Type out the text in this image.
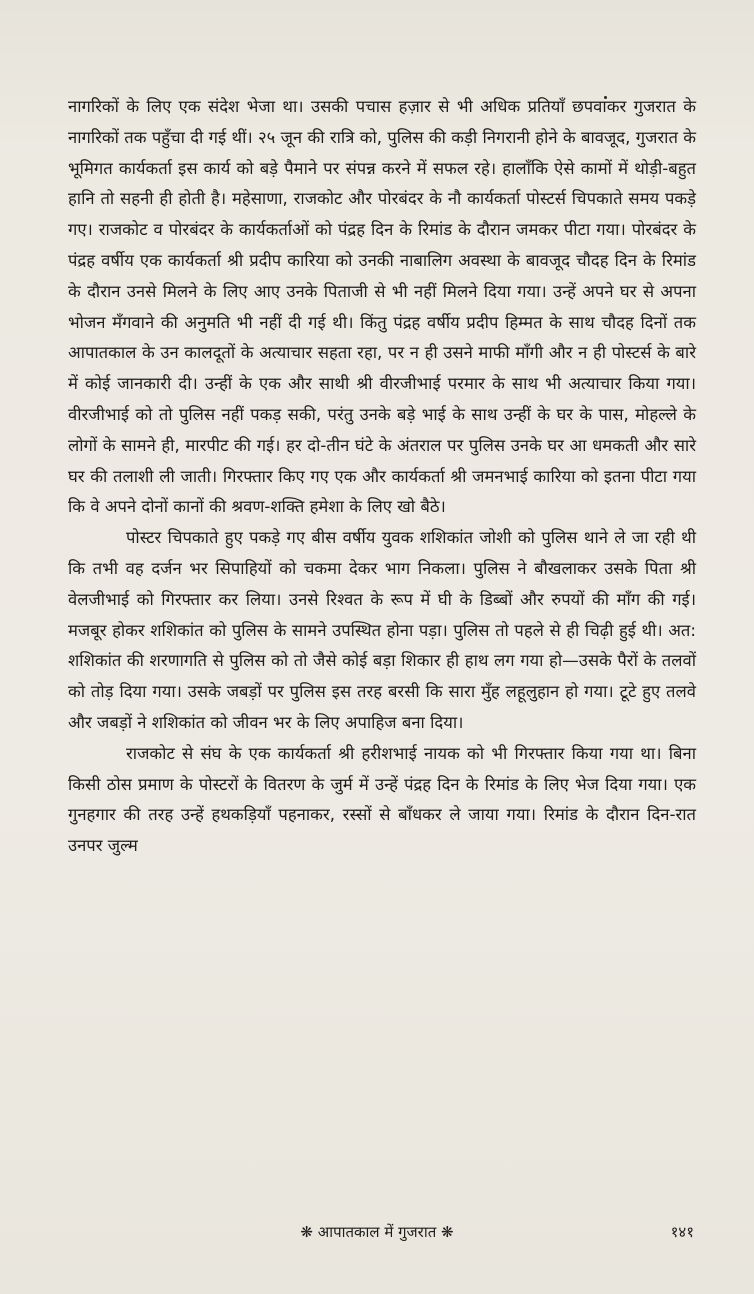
नागरिकों के लिए एक संदेश भेजा था। उसकी पचास हज़ार से भी अधिक प्रतियाँ छपवाकर गुजरात के नागरिकों तक पहुँचा दी गई थीं। २५ जून की रात्रि को, पुलिस की कड़ी निगरानी होने के बावजूद, गुजरात के भूमिगत कार्यकर्ता इस कार्य को बड़े पैमाने पर संपन्न करने में सफल रहे। हालाँकि ऐसे कामों में थोड़ी-बहुत हानि तो सहनी ही होती है। महेसाणा, राजकोट और पोरबंदर के नौ कार्यकर्ता पोस्टर्स चिपकाते समय पकड़े गए। राजकोट व पोरबंदर के कार्यकर्ताओं को पंद्रह दिन के रिमांड के दौरान जमकर पीटा गया। पोरबंदर के पंद्रह वर्षीय एक कार्यकर्ता श्री प्रदीप कारिया को उनकी नाबालिग अवस्था के बावजूद चौदह दिन के रिमांड के दौरान उनसे मिलने के लिए आए उनके पिताजी से भी नहीं मिलने दिया गया। उन्हें अपने घर से अपना भोजन मँगवाने की अनुमति भी नहीं दी गई थी। किंतु पंद्रह वर्षीय प्रदीप हिम्मत के साथ चौदह दिनों तक आपातकाल के उन कालदूतों के अत्याचार सहता रहा, पर न ही उसने माफी माँगी और न ही पोस्टर्स के बारे में कोई जानकारी दी। उन्हीं के एक और साथी श्री वीरजीभाई परमार के साथ भी अत्याचार किया गया। वीरजीभाई को तो पुलिस नहीं पकड़ सकी, परंतु उनके बड़े भाई के साथ उन्हीं के घर के पास, मोहल्ले के लोगों के सामने ही, मारपीट की गई। हर दो-तीन घंटे के अंतराल पर पुलिस उनके घर आ धमकती और सारे घर की तलाशी ली जाती। गिरफ्तार किए गए एक और कार्यकर्ता श्री जमनभाई कारिया को इतना पीटा गया कि वे अपने दोनों कानों की श्रवण-शक्ति हमेशा के लिए खो बैठे।

पोस्टर चिपकाते हुए पकड़े गए बीस वर्षीय युवक शशिकांत जोशी को पुलिस थाने ले जा रही थी कि तभी वह दर्जन भर सिपाहियों को चकमा देकर भाग निकला। पुलिस ने बौखलाकर उसके पिता श्री वेलजीभाई को गिरफ्तार कर लिया। उनसे रिश्वत के रूप में घी के डिब्बों और रुपयों की माँग की गई। मजबूर होकर शशिकांत को पुलिस के सामने उपस्थित होना पड़ा। पुलिस तो पहले से ही चिढ़ी हुई थी। अत: शशिकांत की शरणागति से पुलिस को तो जैसे कोई बड़ा शिकार ही हाथ लग गया हो—उसके पैरों के तलवों को तोड़ दिया गया। उसके जबड़ों पर पुलिस इस तरह बरसी कि सारा मुँह लहूलुहान हो गया। टूटे हुए तलवे और जबड़ों ने शशिकांत को जीवन भर के लिए अपाहिज बना दिया।

राजकोट से संघ के एक कार्यकर्ता श्री हरीशभाई नायक को भी गिरफ्तार किया गया था। बिना किसी ठोस प्रमाण के पोस्टरों के वितरण के जुर्म में उन्हें पंद्रह दिन के रिमांड के लिए भेज दिया गया। एक गुनहगार की तरह उन्हें हथकड़ियाँ पहनाकर, रस्सों से बाँधकर ले जाया गया। रिमांड के दौरान दिन-रात उनपर जुल्म

❋ आपातकाल में गुजरात ❋	१४१
